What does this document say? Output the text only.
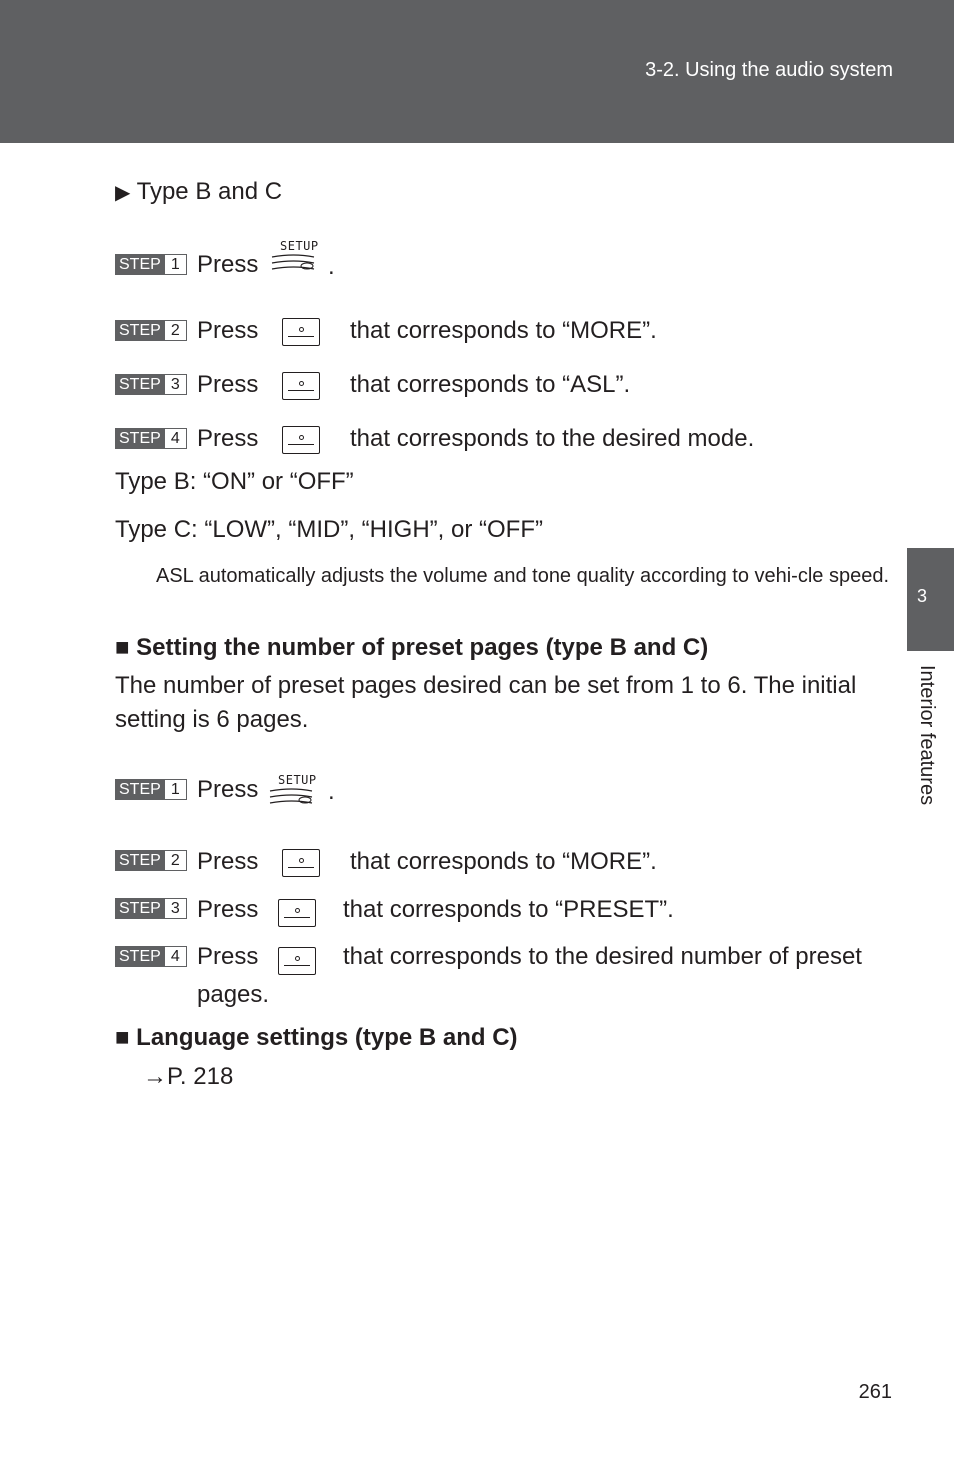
3-2. Using the audio system
3
Interior features
▶ Type B and C
STEP 1 Press
SETUP
.
STEP 2 Press	that corresponds to “MORE”.
STEP 3 Press	that corresponds to “ASL”.
STEP 4 Press	that corresponds to the desired mode.
Type B: “ON” or “OFF”
Type C: “LOW”, “MID”, “HIGH”, or “OFF”
ASL automatically adjusts the volume and tone quality according to vehi-cle speed.
■ Setting the number of preset pages (type B and C)
The number of preset pages desired can be set from 1 to 6. The initial setting is 6 pages.
STEP 1 Press SETUP .
STEP 2 Press	that corresponds to “MORE”.
STEP 3 Press	that corresponds to “PRESET”.
STEP 4 Press	that corresponds to the desired number of preset
pages.
■ Language settings (type B and C)
→P. 218
261
